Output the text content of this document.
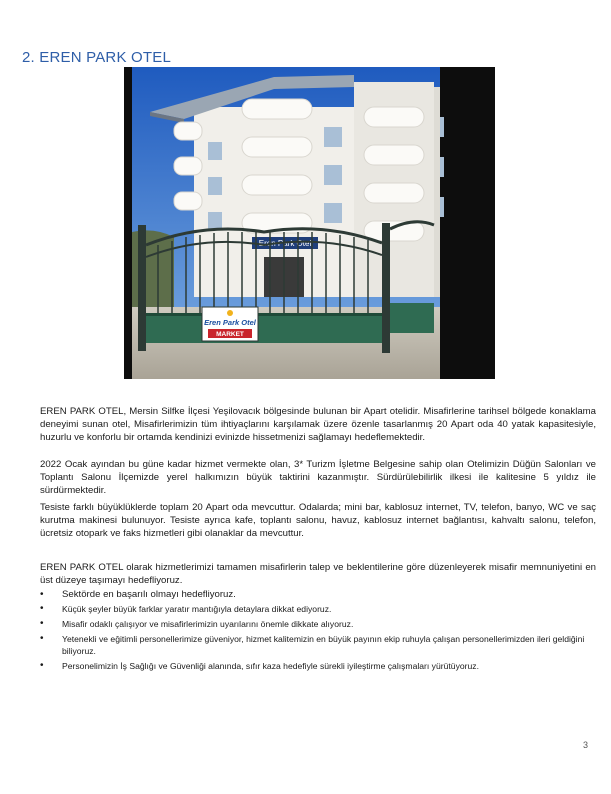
2. EREN PARK OTEL
Eren Park Otel
Eren Park Otel
MARKET

EREN PARK OTEL, Mersin Silfke İlçesi Yeşilovacık bölgesinde bulunan bir Apart otelidir. Misafirlerine tarihsel bölgede konaklama deneyimi sunan otel, Misafirlerimizin tüm ihtiyaçlarını karşılamak üzere özenle tasarlanmış 20 Apart oda 40 yatak kapasitesiyle, huzurlu ve konforlu bir ortamda kendinizi evinizde hissetmenizi sağlamayı hedeflemektedir.

2022 Ocak ayından bu güne kadar hizmet vermekte olan, 3* Turizm İşletme Belgesine sahip olan Otelimizin Düğün Salonları ve Toplantı Salonu İlçemizde yerel halkımızın büyük taktirini kazanmıştır. Sürdürülebilirlik ilkesi ile kalitesine 5 yıldız ile sürdürmektedir.

Tesiste farklı büyüklüklerde toplam 20 Apart oda mevcuttur. Odalarda; mini bar, kablosuz internet, TV, telefon, banyo, WC ve saç kurutma makinesi bulunuyor. Tesiste ayrıca kafe, toplantı salonu, havuz, kablosuz internet bağlantısı, kahvaltı salonu, telefon, ücretsiz otopark ve faks hizmetleri gibi olanaklar da mevcuttur.

EREN PARK OTEL olarak hizmetlerimizi tamamen misafirlerin talep ve beklentilerine göre düzenleyerek misafir memnuniyetini en üst düzeye taşımayı hedefliyoruz.

• Sektörde en başarılı olmayı hedefliyoruz.
• Küçük şeyler büyük farklar yaratır mantığıyla detaylara dikkat ediyoruz.
• Misafir odaklı çalışıyor ve misafirlerimizin uyarılarını önemle dikkate alıyoruz.
• Yetenekli ve eğitimli personellerimize güveniyor, hizmet kalitemizin en büyük payının ekip ruhuyla çalışan personellerimizden ileri geldiğini biliyoruz.
• Personelimizin İş Sağlığı ve Güvenliği alanında, sıfır kaza hedefiyle sürekli iyileştirme çalışmaları yürütüyoruz.
3
